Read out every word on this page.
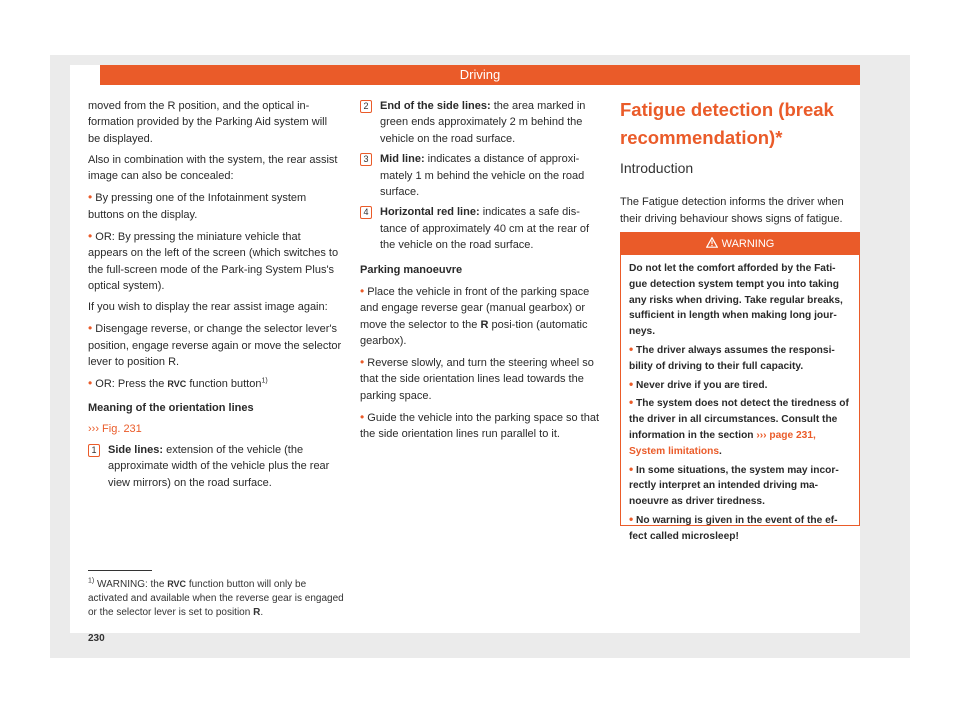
Driving

moved from the R position, and the optical in-formation provided by the Parking Aid system will be displayed.

Also in combination with the system, the rear assist image can also be concealed:

• By pressing one of the Infotainment system buttons on the display.

• OR: By pressing the miniature vehicle that appears on the left of the screen (which switches to the full-screen mode of the Park-ing System Plus's optical system).

If you wish to display the rear assist image again:

• Disengage reverse, or change the selector lever's position, engage reverse again or move the selector lever to position R.

• OR: Press the RVC function button$^{1)}$

Meaning of the orientation lines

››› Fig. 231

1	Side lines: extension of the vehicle (the approximate width of the vehicle plus the rear view mirrors) on the road surface.
2	End of the side lines: the area marked in green ends approximately 2 m behind the vehicle on the road surface.
3	Mid line: indicates a distance of approxi-mately 1 m behind the vehicle on the road surface.
4	Horizontal red line: indicates a safe dis-tance of approximately 40 cm at the rear of the vehicle on the road surface.

Parking manoeuvre

• Place the vehicle in front of the parking space and engage reverse gear (manual gearbox) or move the selector to the R posi-tion (automatic gearbox).

• Reverse slowly, and turn the steering wheel so that the side orientation lines lead towards the parking space.

• Guide the vehicle into the parking space so that the side orientation lines run parallel to it.

Fatigue detection (break recommendation)*
Introduction

The Fatigue detection informs the driver when their driving behaviour shows signs of fatigue.

WARNING

Do not let the comfort afforded by the Fati-gue detection system tempt you into taking any risks when driving. Take regular breaks, sufficient in length when making long jour-neys.

• The driver always assumes the responsi-bility of driving to their full capacity.

• Never drive if you are tired.

• The system does not detect the tiredness of the driver in all circumstances. Consult the information in the section ››› page 231, System limitations.

• In some situations, the system may incor-rectly interpret an intended driving ma-noeuvre as driver tiredness.

• No warning is given in the event of the ef-fect called microsleep!

$^{1)}$ WARNING: the RVC function button will only be activated and available when the reverse gear is engaged or the selector lever is set to position R.
230
